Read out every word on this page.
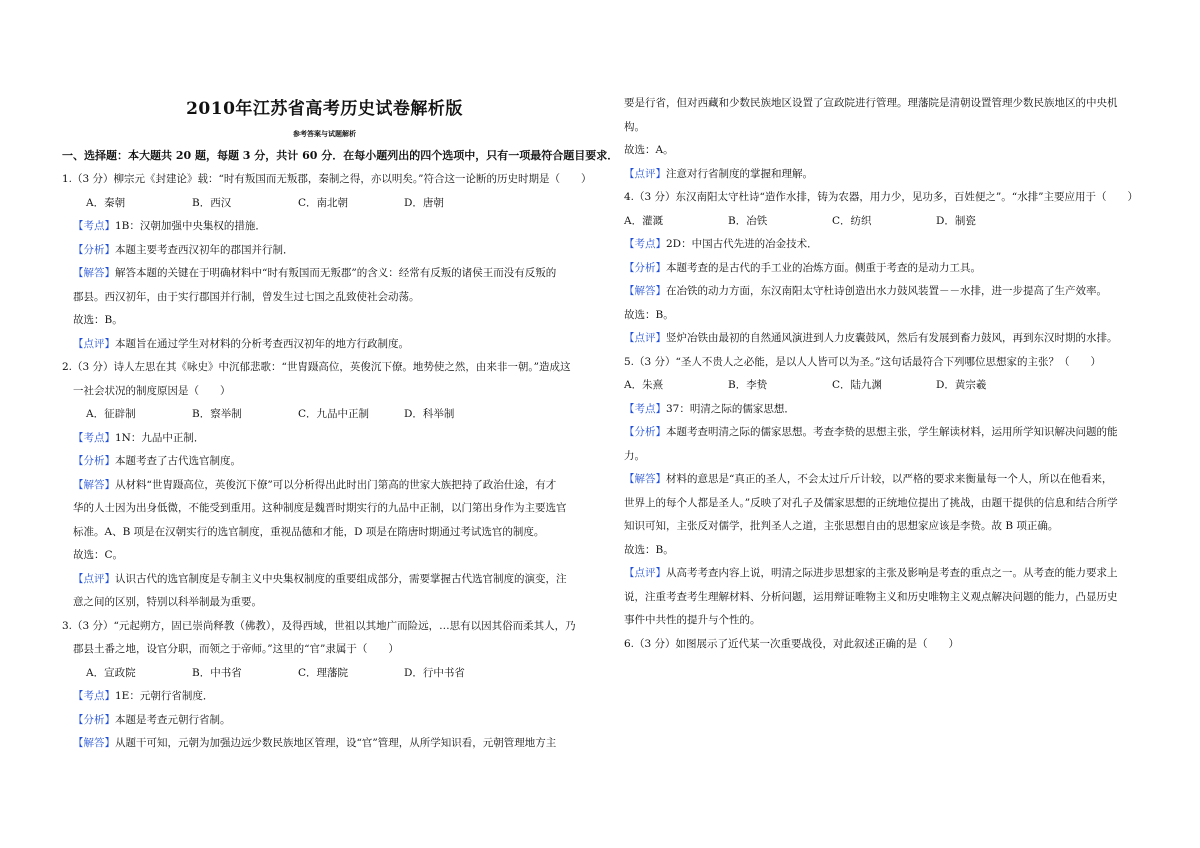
2010年江苏省高考历史试卷解析版
参考答案与试题解析
一、选择题：本大题共 20 题，每题 3 分，共计 60 分．在每小题列出的四个选项中，只有一项最符合题目要求．
1.（3 分）柳宗元《封建论》载：“时有叛国而无叛郡，秦制之得，亦以明矣。”符合这一论断的历史时期是（　　）
A．秦朝	B．西汉	C．南北朝	D．唐朝
【考点】1B：汉朝加强中央集权的措施．
【分析】本题主要考查西汉初年的郡国并行制．
【解答】解答本题的关键在于明确材料中“时有叛国而无叛郡”的含义：经常有反叛的诸侯王而没有反叛的
郡县。西汉初年，由于实行郡国并行制，曾发生过七国之乱致使社会动荡。
故选：B。
【点评】本题旨在通过学生对材料的分析考查西汉初年的地方行政制度。
2.（3 分）诗人左思在其《咏史》中沉郁悲歌：“世胄蹑高位，英俊沉下僚。地势使之然，由来非一朝。”造成这
一社会状况的制度原因是（　　）
A．征辟制	B．察举制	C．九品中正制	D．科举制
【考点】1N：九品中正制．
【分析】本题考查了古代选官制度。
【解答】从材料“世胄蹑高位，英俊沉下僚”可以分析得出此时出门第高的世家大族把持了政治仕途，有才
华的人士因为出身低微，不能受到重用。这种制度是魏晋时期实行的九品中正制，以门第出身作为主要选官
标准。A、B 项是在汉朝实行的选官制度，重视品德和才能，D 项是在隋唐时期通过考试选官的制度。
故选：C。
【点评】认识古代的选官制度是专制主义中央集权制度的重要组成部分，需要掌握古代选官制度的演变，注
意之间的区别，特别以科举制最为重要。
3.（3 分）“元起朔方，固已崇尚释教（佛教），及得西域，世祖以其地广而险远，…思有以因其俗而柔其人，乃
郡县土番之地，设官分职，而领之于帝师。”这里的“官”隶属于（　　）
A．宣政院	B．中书省	C．理藩院	D．行中书省
【考点】1E：元朝行省制度．
【分析】本题是考查元朝行省制。
【解答】从题干可知，元朝为加强边远少数民族地区管理，设“官”管理，从所学知识看，元朝管理地方主
要是行省，但对西藏和少数民族地区设置了宣政院进行管理。理藩院是清朝设置管理少数民族地区的中央机
构。
故选：A。
【点评】注意对行省制度的掌握和理解。
4.（3 分）东汉南阳太守杜诗“造作水排，铸为农器，用力少，见功多，百姓便之”。“水排”主要应用于（　　）
A．灌溉	B．冶铁	C．纺织	D．制瓷
【考点】2D：中国古代先进的冶金技术．
【分析】本题考查的是古代的手工业的冶炼方面。侧重于考查的是动力工具。
【解答】在冶铁的动力方面，东汉南阳太守杜诗创造出水力鼓风装置－－水排，进一步提高了生产效率。
故选：B。
【点评】竖炉冶铁由最初的自然通风演进到人力皮囊鼓风，然后有发展到畜力鼓风，再到东汉时期的水排。
5.（3 分）“圣人不贵人之必能，是以人人皆可以为圣。”这句话最符合下列哪位思想家的主张？（　　）
A．朱熹	B．李贽	C．陆九渊	D．黄宗羲
【考点】37：明清之际的儒家思想．
【分析】本题考查明清之际的儒家思想。考查李贽的思想主张，学生解读材料，运用所学知识解决问题的能
力。
【解答】材料的意思是“真正的圣人，不会太过斤斤计较，以严格的要求来衡量每一个人，所以在他看来，
世界上的每个人都是圣人。”反映了对孔子及儒家思想的正统地位提出了挑战，由题干提供的信息和结合所学
知识可知，主张反对儒学，批判圣人之道，主张思想自由的思想家应该是李贽。故 B 项正确。
故选：B。
【点评】从高考考查内容上说，明清之际进步思想家的主张及影响是考查的重点之一。从考查的能力要求上
说，注重考查考生理解材料、分析问题，运用辩证唯物主义和历史唯物主义观点解决问题的能力，凸显历史
事件中共性的提升与个性的。
6.（3 分）如图展示了近代某一次重要战役，对此叙述正确的是（　　）
